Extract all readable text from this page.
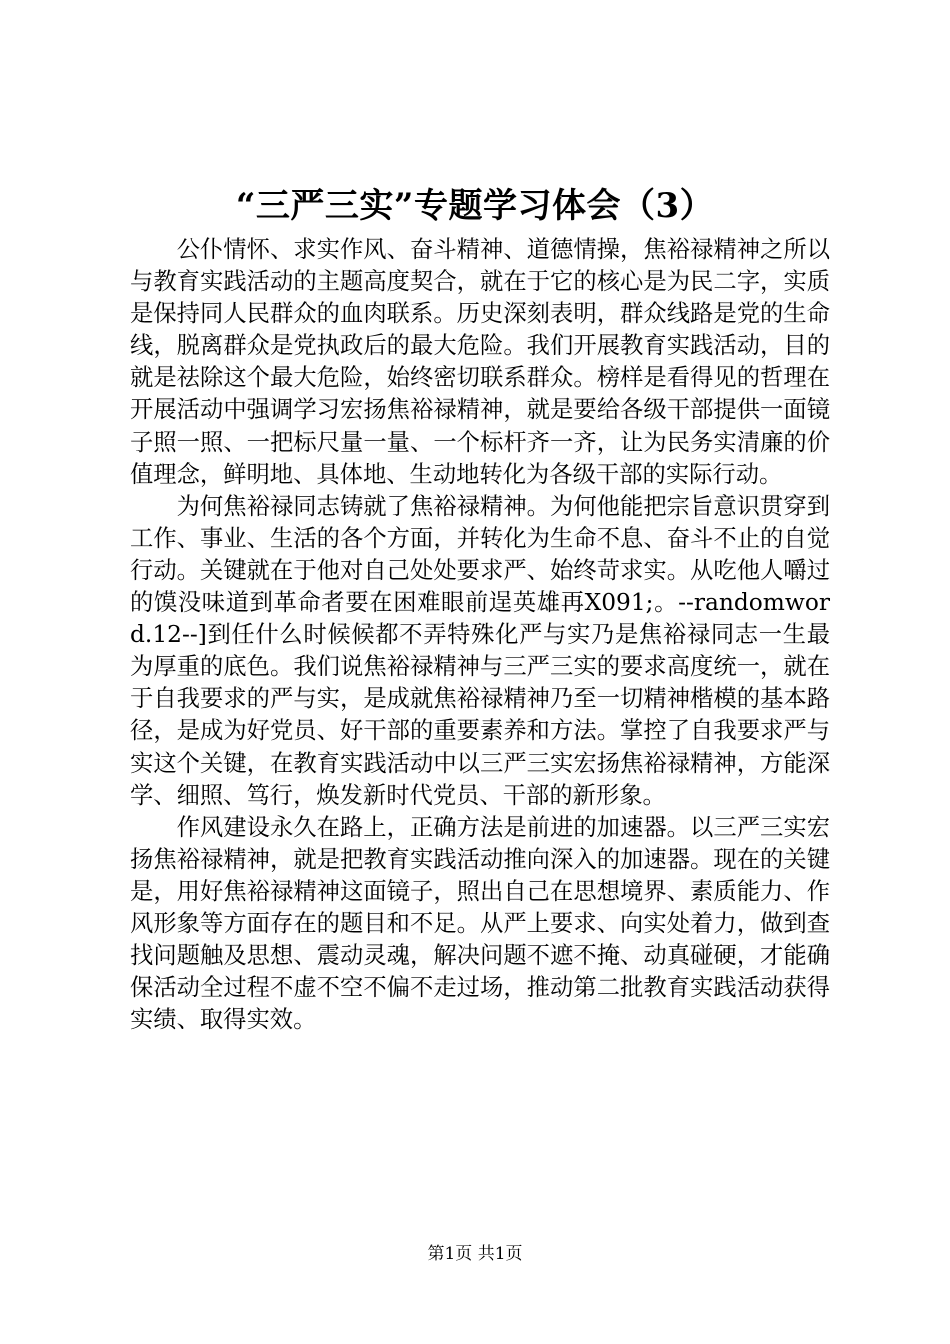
“三严三实”专题学习体会（3）

公仆情怀、求实作风、奋斗精神、道德情操，焦裕禄精神之所以与教育实践活动的主题高度契合，就在于它的核心是为民二字，实质是保持同人民群众的血肉联系。历史深刻表明，群众线路是党的生命线，脱离群众是党执政后的最大危险。我们开展教育实践活动，目的就是祛除这个最大危险，始终密切联系群众。榜样是看得见的哲理在开展活动中强调学习宏扬焦裕禄精神，就是要给各级干部提供一面镜子照一照、一把标尺量一量、一个标杆齐一齐，让为民务实清廉的价值理念，鲜明地、具体地、生动地转化为各级干部的实际行动。

为何焦裕禄同志铸就了焦裕禄精神。为何他能把宗旨意识贯穿到工作、事业、生活的各个方面，并转化为生命不息、奋斗不止的自觉行动。关键就在于他对自己处处要求严、始终苛求实。从吃他人嚼过的馍没味道到革命者要在困难眼前逞英雄再X091;。--randomword.12--]到任什么时候候都不弄特殊化严与实乃是焦裕禄同志一生最为厚重的底色。我们说焦裕禄精神与三严三实的要求高度统一，就在于自我要求的严与实，是成就焦裕禄精神乃至一切精神楷模的基本路径，是成为好党员、好干部的重要素养和方法。掌控了自我要求严与实这个关键，在教育实践活动中以三严三实宏扬焦裕禄精神，方能深学、细照、笃行，焕发新时代党员、干部的新形象。

作风建设永久在路上，正确方法是前进的加速器。以三严三实宏扬焦裕禄精神，就是把教育实践活动推向深入的加速器。现在的关键是，用好焦裕禄精神这面镜子，照出自己在思想境界、素质能力、作风形象等方面存在的题目和不足。从严上要求、向实处着力，做到查找问题触及思想、震动灵魂，解决问题不遮不掩、动真碰硬，才能确保活动全过程不虚不空不偏不走过场，推动第二批教育实践活动获得实绩、取得实效。

第1页 共1页
